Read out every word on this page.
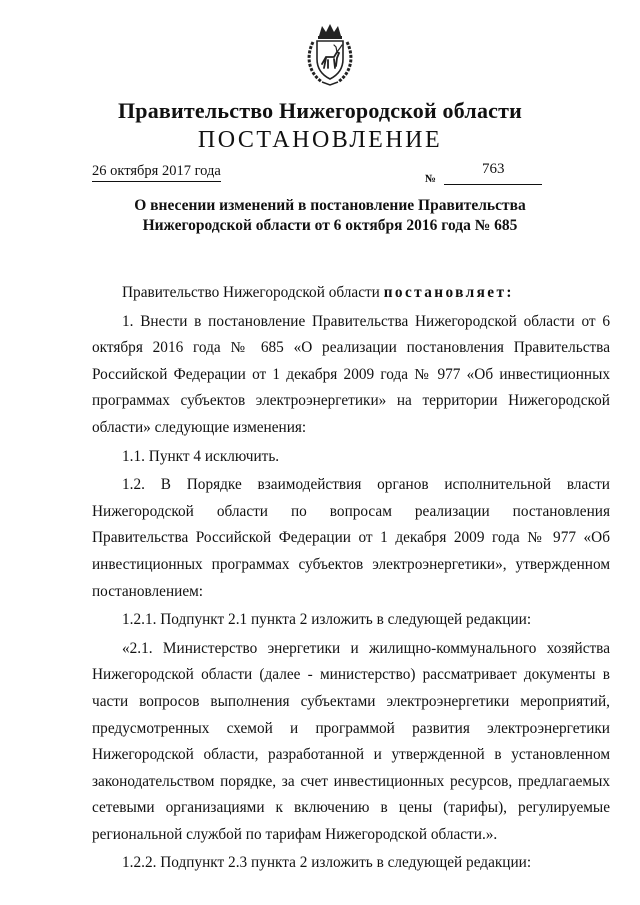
Правительство Нижегородской области
ПОСТАНОВЛЕНИЕ
26 октября 2017 года	№
763
О внесении изменений в постановление Правительства
Нижегородской области от 6 октября 2016 года № 685

Правительство Нижегородской области постановляет:

1. Внести в постановление Правительства Нижегородской области от 6 октября 2016 года № 685 «О реализации постановления Правительства Российской Федерации от 1 декабря 2009 года № 977 «Об инвестиционных программах субъектов электроэнергетики» на территории Нижегородской области» следующие изменения:

1.1. Пункт 4 исключить.

1.2. В Порядке взаимодействия органов исполнительной власти Нижегородской области по вопросам реализации постановления Правительства Российской Федерации от 1 декабря 2009 года № 977 «Об инвестиционных программах субъектов электроэнергетики», утвержденном постановлением:

1.2.1. Подпункт 2.1 пункта 2 изложить в следующей редакции:

«2.1. Министерство энергетики и жилищно-коммунального хозяйства Нижегородской области (далее - министерство) рассматривает документы в части вопросов выполнения субъектами электроэнергетики мероприятий, предусмотренных схемой и программой развития электроэнергетики Нижегородской области, разработанной и утвержденной в установленном законодательством порядке, за счет инвестиционных ресурсов, предлагаемых сетевыми организациями к включению в цены (тарифы), регулируемые региональной службой по тарифам Нижегородской области.».

1.2.2. Подпункт 2.3 пункта 2 изложить в следующей редакции:
